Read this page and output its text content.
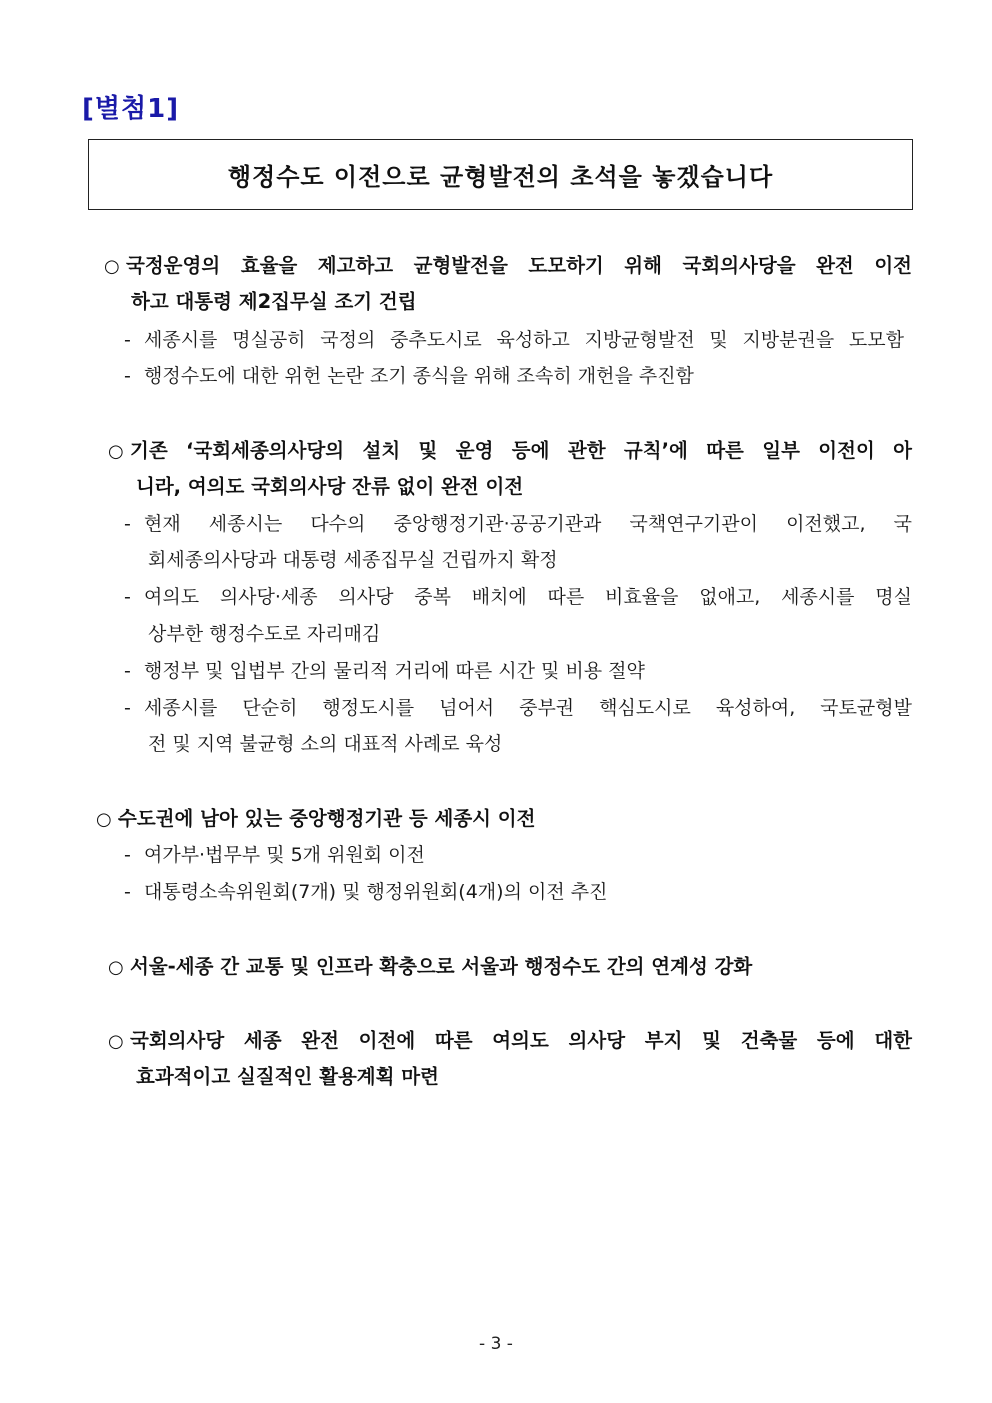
[별첨1]
행정수도 이전으로 균형발전의 초석을 놓겠습니다
○ 국정운영의 효율을 제고하고 균형발전을 도모하기 위해 국회의사당을 완전 이전
하고 대통령 제2집무실 조기 건립
- 세종시를 명실공히 국정의 중추도시로 육성하고 지방균형발전 및 지방분권을 도모함
- 행정수도에 대한 위헌 논란 조기 종식을 위해 조속히 개헌을 추진함
○ 기존 ‘국회세종의사당의 설치 및 운영 등에 관한 규칙’에 따른 일부 이전이 아
니라, 여의도 국회의사당 잔류 없이 완전 이전
- 현재 세종시는 다수의 중앙행정기관·공공기관과 국책연구기관이 이전했고, 국
회세종의사당과 대통령 세종집무실 건립까지 확정
- 여의도 의사당·세종 의사당 중복 배치에 따른 비효율을 없애고, 세종시를 명실
상부한 행정수도로 자리매김
- 행정부 및 입법부 간의 물리적 거리에 따른 시간 및 비용 절약
- 세종시를 단순히 행정도시를 넘어서 중부권 핵심도시로 육성하여, 국토균형발
전 및 지역 불균형 소의 대표적 사례로 육성
○ 수도권에 남아 있는 중앙행정기관 등 세종시 이전
- 여가부·법무부 및 5개 위원회 이전
- 대통령소속위원회(7개) 및 행정위원회(4개)의 이전 추진
○ 서울-세종 간 교통 및 인프라 확충으로 서울과 행정수도 간의 연계성 강화
○ 국회의사당 세종 완전 이전에 따른 여의도 의사당 부지 및 건축물 등에 대한
효과적이고 실질적인 활용계획 마련
- 3 -
